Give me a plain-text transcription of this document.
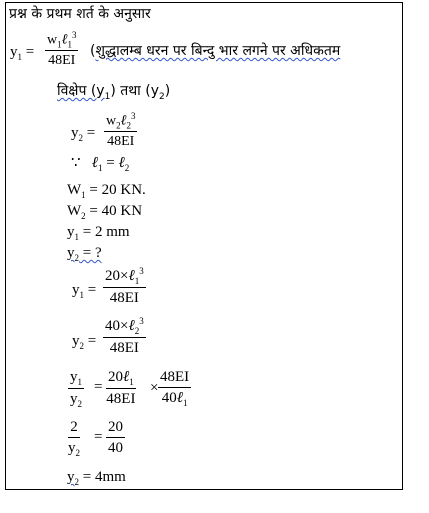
प्रश्न के प्रथम शर्त के अनुसार
$y_1$ =
$w_1\ell_1^3$
48EI
(शुद्धालम्ब धरन पर बिन्दु भार लगने पर अधिकतम
विक्षेप $(y_1)$ तथा $(y_2)$
$y_2$ =
$w_2\ell_2^3$
48EI
∵ ℓ$_1$ = ℓ$_2$
$W_1 = 20$ KN.
$W_2 = 40$ KN
$y_1 = 2$ mm
$y_2$ = ?
$y_1$ =
20×ℓ$_1^3$
48EI
$y_2$ =
40×ℓ$_2^3$
48EI
$\frac{y_1}{y_2}$ =
20ℓ$_1$
48EI
×
48EI
40ℓ$_1$
$\frac{2}{y_2} = \frac{20}{40}$
$y_2 = 4mm$
